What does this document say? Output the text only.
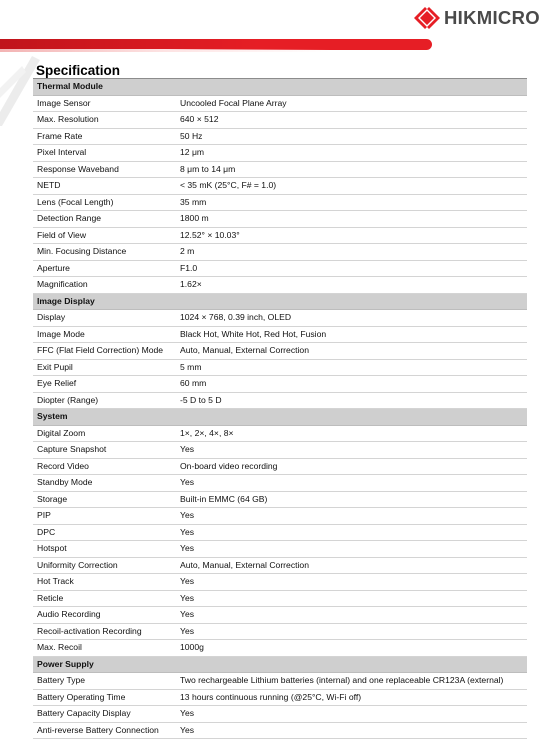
HIKMICRO
Specification
Thermal Module
Image Sensor	Uncooled Focal Plane Array
Max. Resolution	640 × 512
Frame Rate	50 Hz
Pixel Interval	12 μm
Response Waveband	8 μm to 14 μm
NETD	< 35 mK (25°C, F# = 1.0)
Lens (Focal Length)	35 mm
Detection Range	1800 m
Field of View	12.52° × 10.03°
Min. Focusing Distance	2 m
Aperture	F1.0
Magnification	1.62×
Image Display
Display	1024 × 768, 0.39 inch, OLED
Image Mode	Black Hot, White Hot, Red Hot, Fusion
FFC (Flat Field Correction) Mode	Auto, Manual, External Correction
Exit Pupil	5 mm
Eye Relief	60 mm
Diopter (Range)	-5 D to 5 D
System
Digital Zoom	1×, 2×, 4×, 8×
Capture Snapshot	Yes
Record Video	On-board video recording
Standby Mode	Yes
Storage	Built-in EMMC (64 GB)
PIP	Yes
DPC	Yes
Hotspot	Yes
Uniformity Correction	Auto, Manual, External Correction
Hot Track	Yes
Reticle	Yes
Audio Recording	Yes
Recoil-activation Recording	Yes
Max. Recoil	1000g
Power Supply
Battery Type	Two rechargeable Lithium batteries (internal) and one replaceable CR123A (external)
Battery Operating Time	13 hours continuous running (@25°C, Wi-Fi off)
Battery Capacity Display	Yes
Anti-reverse Battery Connection	Yes
